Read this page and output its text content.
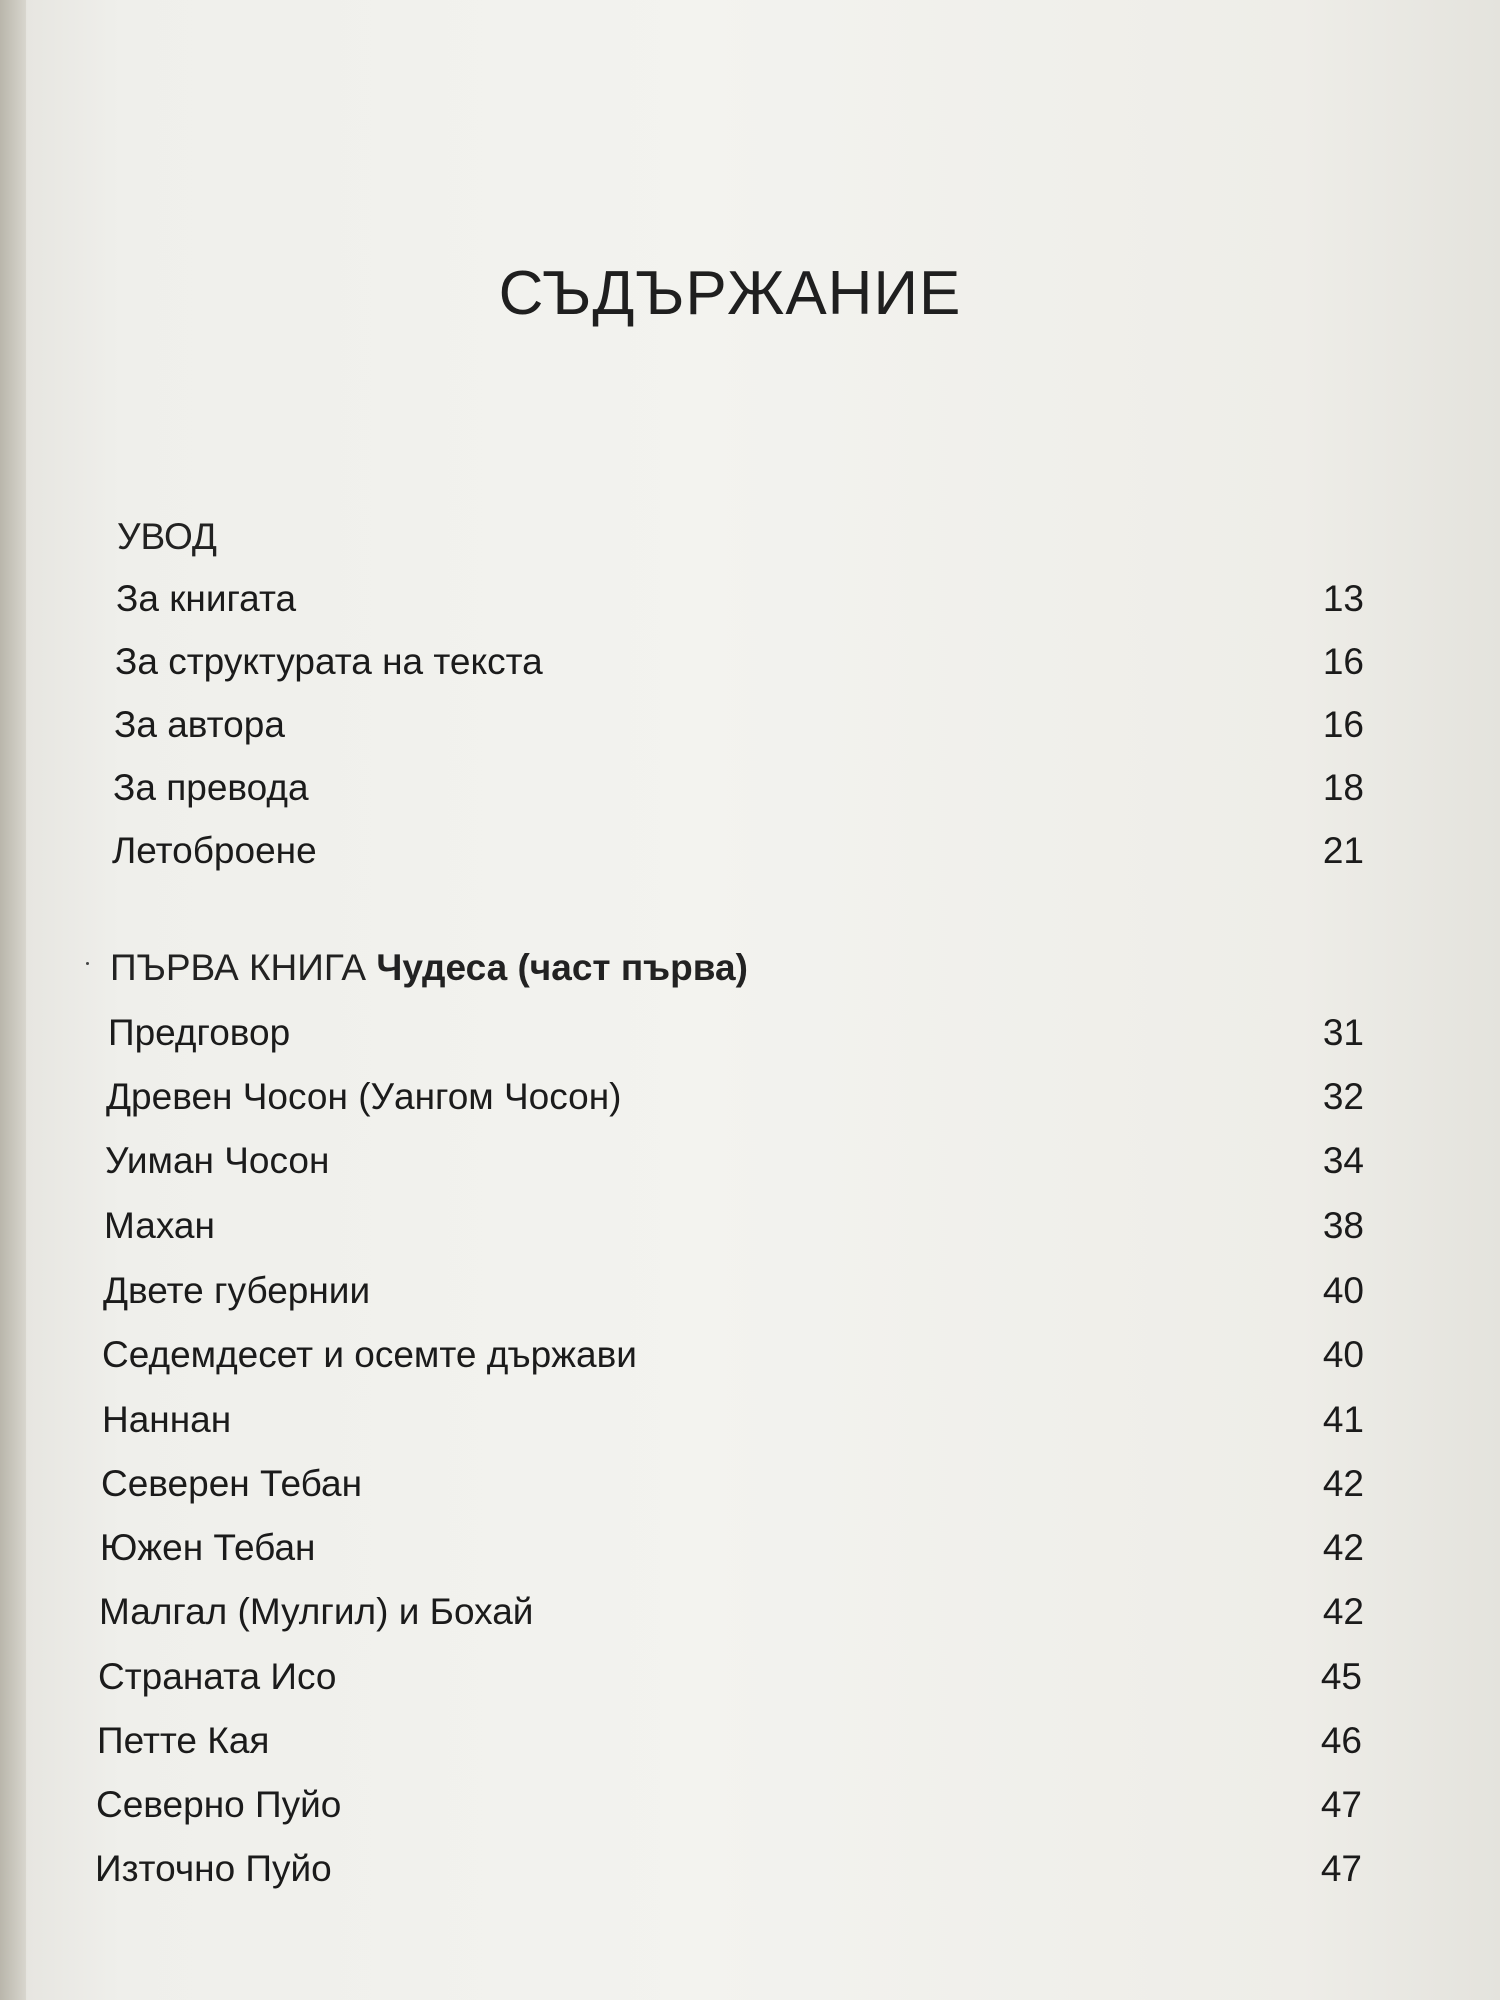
СЪДЪРЖАНИЕ
УВОД
За книгата	13
За структурата на текста	16
За автора	16
За превода	18
Летоброене	21
ПЪРВА КНИГА Чудеса (част първа)
Предговор	31
Древен Чосон (Уангом Чосон)	32
Уиман Чосон	34
Махан	38
Двете губернии	40
Седемдесет и осемте държави	40
Наннан	41
Северен Тебан	42
Южен Тебан	42
Малгал (Мулгил) и Бохай	42
Страната Исо	45
Петте Кая	46
Северно Пуйо	47
Източно Пуйо	47
